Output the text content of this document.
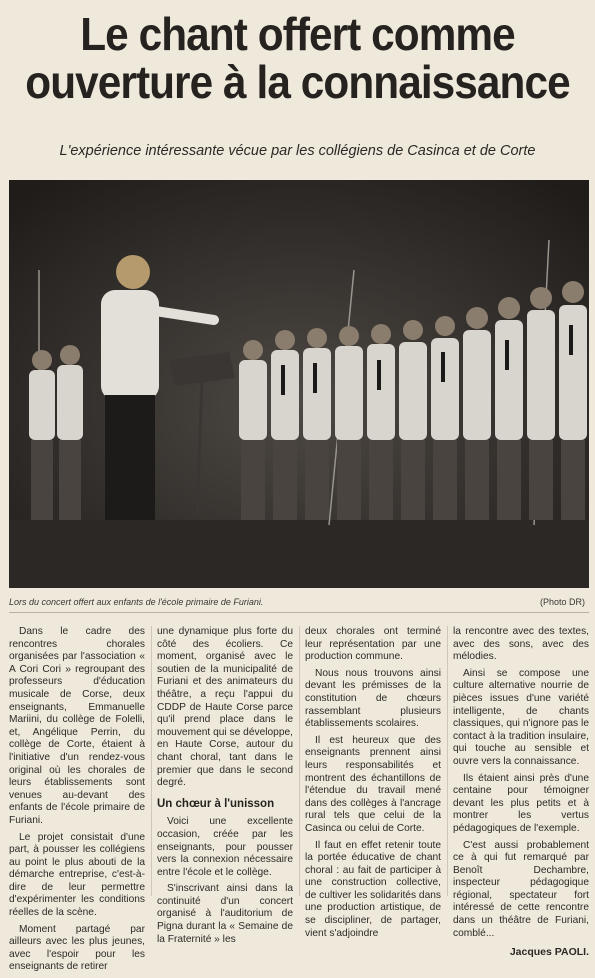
Le chant offert comme
ouverture à la connaissance
L'expérience intéressante vécue par les collégiens de Casinca et de Corte
Lors du concert offert aux enfants de l'école primaire de Furiani.	(Photo DR)

Dans le cadre des rencontres chorales organisées par l'association « A Cori Cori » regroupant des professeurs d'éducation musicale de Corse, deux enseignants, Emmanuelle Mariini, du collège de Folelli, et, Angélique Perrin, du collège de Corte, étaient à l'initiative d'un rendez-vous original où les chorales de leurs établissements sont venues au-devant des enfants de l'école primaire de Furiani.

Le projet consistait d'une part, à pousser les collégiens au point le plus abouti de la démarche entreprise, c'est-à-dire de leur permettre d'expérimenter les conditions réelles de la scène.

Moment partagé par ailleurs avec les plus jeunes, avec l'espoir pour les enseignants de retirer

une dynamique plus forte du côté des écoliers. Ce moment, organisé avec le soutien de la municipalité de Furiani et des animateurs du théâtre, a reçu l'appui du CDDP de Haute Corse parce qu'il prend place dans le mouvement qui se développe, en Haute Corse, autour du chant choral, tant dans le premier que dans le second degré.

Un chœur à l'unisson

Voici une excellente occasion, créée par les enseignants, pour pousser vers la connexion nécessaire entre l'école et le collège.

S'inscrivant ainsi dans la continuité d'un concert organisé à l'auditorium de Pigna durant la « Semaine de la Fraternité » les

deux chorales ont terminé leur représentation par une production commune.

Nous nous trouvons ainsi devant les prémisses de la constitution de chœurs rassemblant plusieurs établissements scolaires.

Il est heureux que des enseignants prennent ainsi leurs responsabilités et montrent des échantillons de l'étendue du travail mené dans des collèges à l'ancrage rural tels que celui de la Casinca ou celui de Corte.

Il faut en effet retenir toute la portée éducative de chant choral : au fait de participer à une construction collective, de cultiver les solidarités dans une production artistique, de se discipliner, de partager, vient s'adjoindre

la rencontre avec des textes, avec des sons, avec des mélodies.

Ainsi se compose une culture alternative nourrie de pièces issues d'une variété intelligente, de chants classiques, qui n'ignore pas le contact à la tradition insulaire, qui touche au sensible et ouvre vers la connaissance.

Ils étaient ainsi près d'une centaine pour témoigner devant les plus petits et à montrer les vertus pédagogiques de l'exemple.

C'est aussi probablement ce à qui fut remarqué par Benoît Dechambre, inspecteur pédagogique régional, spectateur fort intéressé de cette rencontre dans un théâtre de Furiani, comblé...

Jacques PAOLI.
